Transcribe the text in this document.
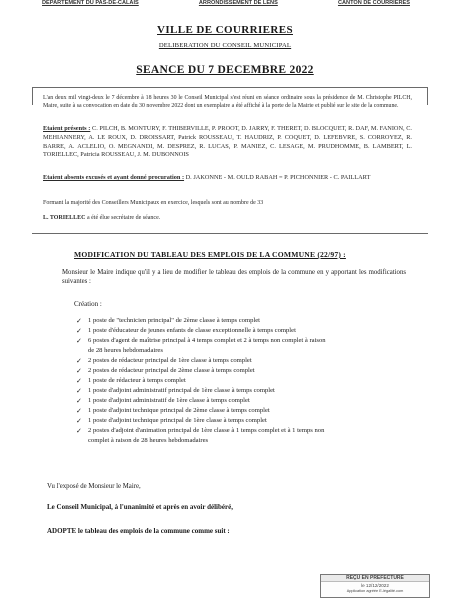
DEPARTEMENT DU PAS-DE-CALAIS	ARRONDISSEMENT DE LENS	CANTON DE COURRIERES
VILLE DE COURRIERES
DELIBERATION DU CONSEIL MUNICIPAL
SEANCE DU 7 DECEMBRE 2022
L'an deux mil vingt-deux le 7 décembre à 18 heures 30 le Conseil Municipal s'est réuni en séance ordinaire sous la présidence de M. Christophe PILCH, Maire, suite à sa convocation en date du 30 novembre 2022 dont un exemplaire a été affiché à la porte de la Mairie et publié sur le site de la commune.
Etaient présents : C. PILCH, B. MONTURY, F. THIBERVILLE, P. PROOT, D. JARRY, F. THERET, D. BLOCQUET, R. DAF, M. FANION, C. MEHIANNERY, A. LE ROUX, D. DROISSART, Patrick ROUSSEAU, T. HAUDRIZ, P. COQUET, D. LEFEBVRE, S. CORROYEZ, R. BARRE, A. ACLELIO, O. MEGNANDI, M. DESPREZ, R. LUCAS, P. MANIEZ, C. LESAGE, M. PRUDHOMME, B. LAMBERT, L. TORIELLEC, Patricia ROUSSEAU, J. M. DUBONNOIS
Etaient absents excusés et ayant donné procuration : D. JAKONNE - M. OULD RABAH = P. PICHONNIER - C. PAILLART
Formant la majorité des Conseillers Municipaux en exercice, lesquels sont au nombre de 33
L. TORIELLEC a été élue secrétaire de séance.
MODIFICATION DU TABLEAU DES EMPLOIS DE LA COMMUNE (22/97) :
Monsieur le Maire indique qu'il y a lieu de modifier le tableau des emplois de la commune en y apportant les modifications suivantes :
Création :
✓ 1 poste de "technicien principal" de 2ème classe à temps complet
✓ 1 poste d'éducateur de jeunes enfants de classe exceptionnelle à temps complet
✓ 6 postes d'agent de maîtrise principal à 4 temps complet et 2 à temps non complet à raison
de 28 heures hebdomadaires
✓ 2 postes de rédacteur principal de 1ère classe à temps complet
✓ 2 postes de rédacteur principal de 2ème classe à temps complet
✓ 1 poste de rédacteur à temps complet
✓ 1 poste d'adjoint administratif principal de 1ère classe à temps complet
✓ 1 poste d'adjoint administratif de 1ère classe à temps complet
✓ 1 poste d'adjoint technique principal de 2ème classe à temps complet
✓ 1 poste d'adjoint technique principal de 1ère classe à temps complet
✓ 2 postes d'adjoint d'animation principal de 1ère classe à 1 temps complet et à 1 temps non
complet à raison de 28 heures hebdomadaires
Vu l'exposé de Monsieur le Maire,
Le Conseil Municipal, à l'unanimité et après en avoir délibéré,
ADOPTE le tableau des emplois de la commune comme suit :
REÇU EN PREFECTURE
le 12/12/2022
Application agréée E-légalité.com
